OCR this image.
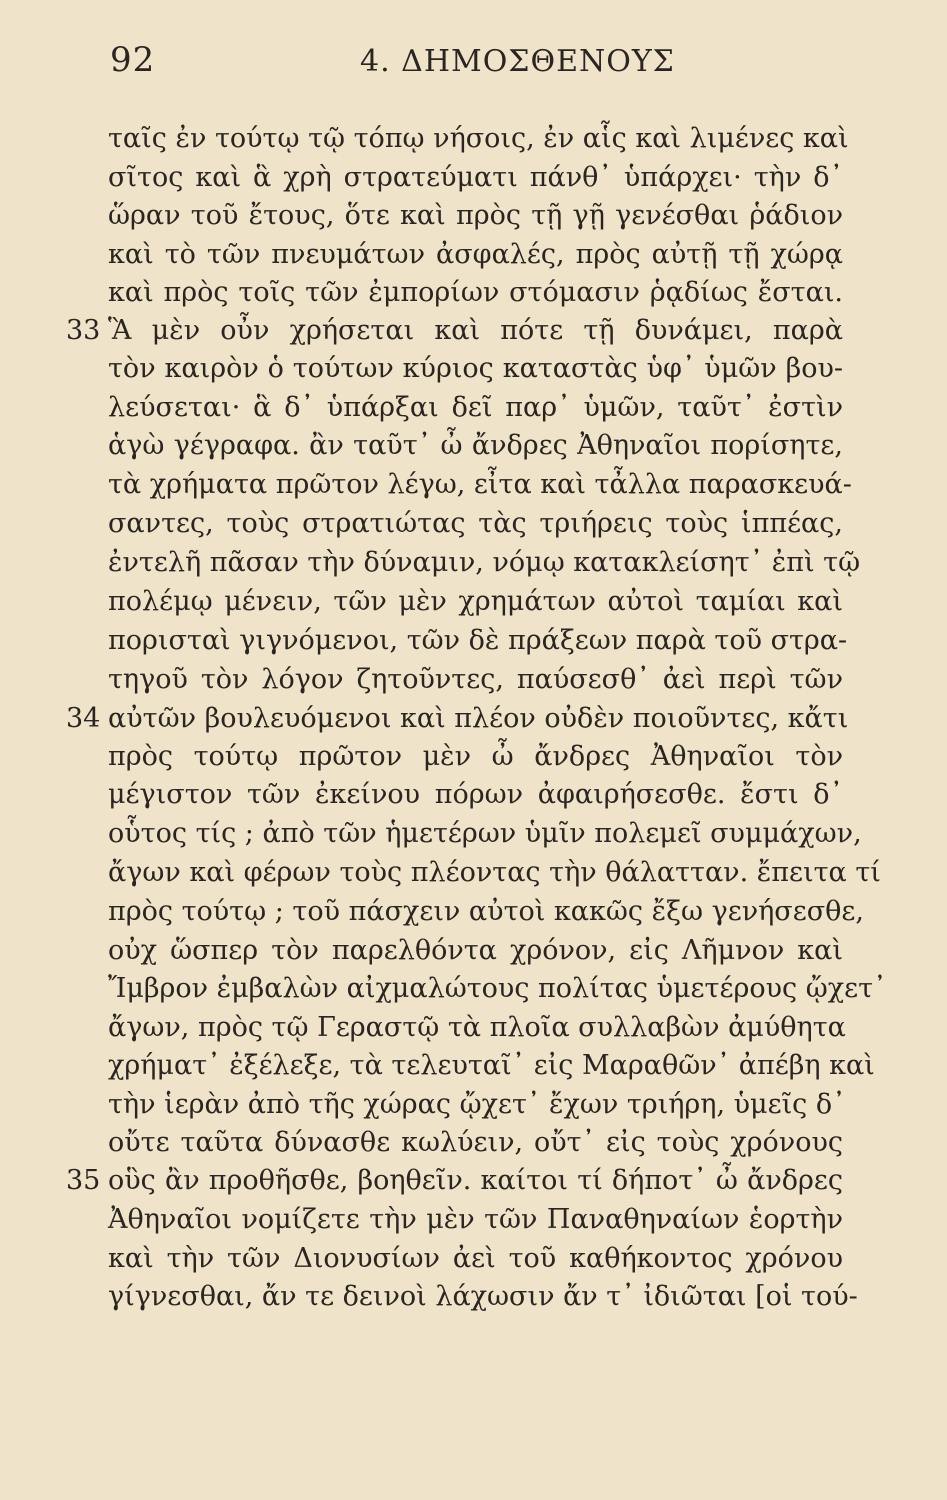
92	4. ΔΗΜΟΣΘΕΝΟΥΣ
33
34
35
ταῖς ἐν τούτῳ τῷ τόπῳ νήσοις, ἐν αἷς καὶ λιμένες καὶ
σῖτος καὶ ἃ χρὴ στρατεύματι πάνθ᾽ ὑπάρχει· τὴν δ᾽
ὥραν τοῦ ἔτους, ὅτε καὶ πρὸς τῇ γῇ γενέσθαι ῥάδιον
καὶ τὸ τῶν πνευμάτων ἀσφαλές, πρὸς αὐτῇ τῇ χώρᾳ
καὶ πρὸς τοῖς τῶν ἐμπορίων στόμασιν ῥᾳδίως ἔσται.
Ἃ μὲν οὖν χρήσεται καὶ πότε τῇ δυνάμει, παρὰ
τὸν καιρὸν ὁ τούτων κύριος καταστὰς ὑφ᾽ ὑμῶν βου-
λεύσεται· ἃ δ᾽ ὑπάρξαι δεῖ παρ᾽ ὑμῶν, ταῦτ᾽ ἐστὶν
ἁγὼ γέγραφα. ἂν ταῦτ᾽ ὦ ἄνδρες Ἀθηναῖοι πορίσητε,
τὰ χρήματα πρῶτον λέγω, εἶτα καὶ τἆλλα παρασκευά-
σαντες, τοὺς στρατιώτας τὰς τριήρεις τοὺς ἱππέας,
ἐντελῆ πᾶσαν τὴν δύναμιν, νόμῳ κατακλείσητ᾽ ἐπὶ τῷ
πολέμῳ μένειν, τῶν μὲν χρημάτων αὐτοὶ ταμίαι καὶ
πορισταὶ γιγνόμενοι, τῶν δὲ πράξεων παρὰ τοῦ στρα-
τηγοῦ τὸν λόγον ζητοῦντες, παύσεσθ᾽ ἀεὶ περὶ τῶν
αὐτῶν βουλευόμενοι καὶ πλέον οὐδὲν ποιοῦντες, κἄτι
πρὸς τούτῳ πρῶτον μὲν ὦ ἄνδρες Ἀθηναῖοι τὸν
μέγιστον τῶν ἐκείνου πόρων ἀφαιρήσεσθε. ἔστι δ᾽
οὗτος τίς ; ἀπὸ τῶν ἡμετέρων ὑμῖν πολεμεῖ συμμάχων,
ἄγων καὶ φέρων τοὺς πλέοντας τὴν θάλατταν. ἔπειτα τί
πρὸς τούτῳ ; τοῦ πάσχειν αὐτοὶ κακῶς ἔξω γενήσεσθε,
οὐχ ὥσπερ τὸν παρελθόντα χρόνον, εἰς Λῆμνον καὶ
Ἴμβρον ἐμβαλὼν αἰχμαλώτους πολίτας ὑμετέρους ᾤχετ᾽
ἄγων, πρὸς τῷ Γεραστῷ τὰ πλοῖα συλλαβὼν ἀμύθητα
χρήματ᾽ ἐξέλεξε, τὰ τελευταῖ᾽ εἰς Μαραθῶν᾽ ἀπέβη καὶ
τὴν ἱερὰν ἀπὸ τῆς χώρας ᾤχετ᾽ ἔχων τριήρη, ὑμεῖς δ᾽
οὔτε ταῦτα δύνασθε κωλύειν, οὔτ᾽ εἰς τοὺς χρόνους
οὓς ἂν προθῆσθε, βοηθεῖν. καίτοι τί δήποτ᾽ ὦ ἄνδρες
Ἀθηναῖοι νομίζετε τὴν μὲν τῶν Παναθηναίων ἑορτὴν
καὶ τὴν τῶν Διονυσίων ἀεὶ τοῦ καθήκοντος χρόνου
γίγνεσθαι, ἄν τε δεινοὶ λάχωσιν ἄν τ᾽ ἰδιῶται [οἱ τού-
